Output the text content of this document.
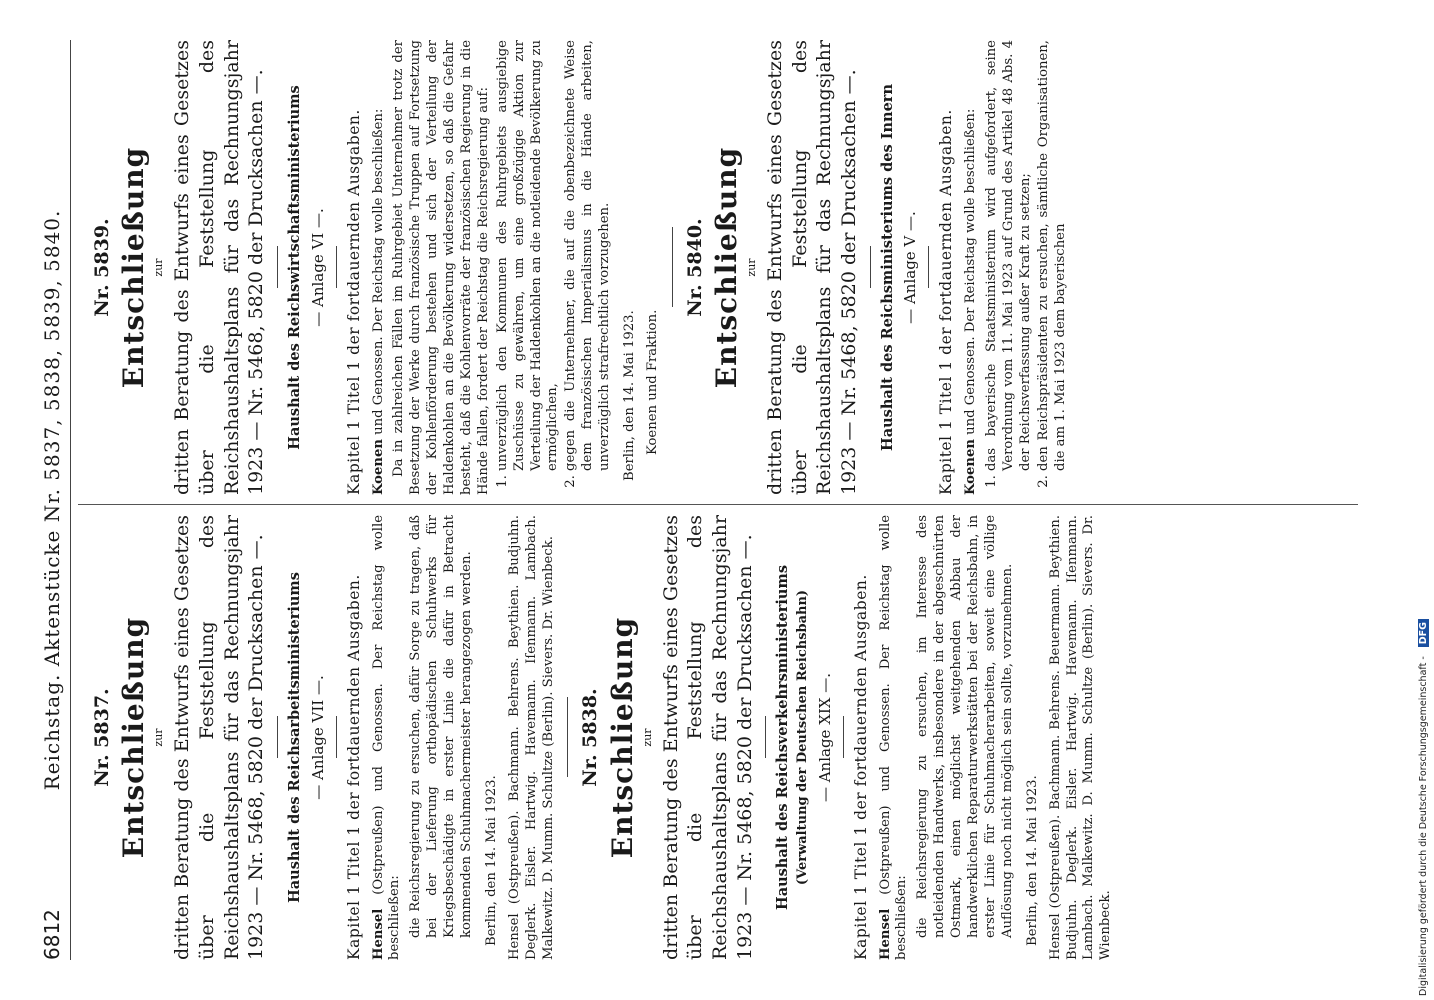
6812
Reichstag. Aktenstücke Nr. 5837, 5838, 5839, 5840. Nr. 5837. Entschließung zur dritten Beratung des Entwurfs eines Gesetzes über die Feststellung des Reichshaushaltsplans für das Rechnungsjahr 1923 — Nr. 5468, 5820 der Drucksachen —. Haushalt des Reichsarbeitsministeriums — Anlage VII —. Kapitel 1 Titel 1 der fortdauernden Ausgaben. Hensel (Ostpreußen) und Genossen. Der Reichstag wolle beschließen: die Reichsregierung zu ersuchen, dafür Sorge zu tragen, daß bei der Lieferung orthopädischen Schuhwerks für Kriegsbeschädigte in erster Linie die dafür in Betracht kommenden Schuhmachermeister herangezogen werden. Berlin, den 14. Mai 1923. Hensel (Ostpreußen). Bachmann. Behrens. Beythien. Budjuhn. Deglerk. Eisler. Hartwig. Havemann. Iſenmann. Lambach. Malkewitz. D. Mumm. Schultze (Berlin). Sievers. Dr. Wienbeck. Nr. 5838. Entschließung zur dritten Beratung des Entwurfs eines Gesetzes über die Feststellung des Reichshaushaltsplans für das Rechnungsjahr 1923 — Nr. 5468, 5820 der Drucksachen —. Haushalt des Reichsverkehrsministeriums (Verwaltung der Deutschen Reichsbahn) — Anlage XIX —. Kapitel 1 Titel 1 der fortdauernden Ausgaben. Hensel (Ostpreußen) und Genossen. Der Reichstag wolle beschließen: die Reichsregierung zu ersuchen, im Interesse des notleidenden Handwerks, insbesondere in der abgeschnürten Ostmark, einen möglichst weitgehenden Abbau der handwerklichen Reparaturwerkstätten bei der Reichsbahn, in erster Linie für Schuhmacherarbeiten, soweit eine völlige Auflösung noch nicht möglich sein sollte, vorzunehmen. Berlin, den 14. Mai 1923. Hensel (Ostpreußen). Bachmann. Behrens. Beuermann. Beythien. Budjuhn. Deglerk. Eisler. Hartwig. Havemann. Iſenmann. Lambach. Malkewitz. D. Mumm. Schultze (Berlin). Sievers. Dr. Wienbeck.
Nr. 5839. Entschließung zur dritten Beratung des Entwurfs eines Gesetzes über die Feststellung des Reichshaushaltsplans für das Rechnungsjahr 1923 — Nr. 5468, 5820 der Drucksachen —. Haushalt des Reichswirtschaftsministeriums — Anlage VI —. Kapitel 1 Titel 1 der fortdauernden Ausgaben. Koenen und Genossen. Der Reichstag wolle beschließen: Da in zahlreichen Fällen im Ruhrgebiet Unternehmer trotz der Besetzung der Werke durch französische Truppen auf Fortsetzung der Kohlenförderung bestehen und sich der Verteilung der Haldenkohlen an die Bevölkerung widersetzen, so daß die Gefahr besteht, daß die Kohlenvorräte der französischen Regierung in die Hände fallen, fordert der Reichstag die Reichsregierung auf: 1. unverzüglich den Kommunen des Ruhrgebiets ausgiebige Zuschüsse zu gewähren, um eine großzügige Aktion zur Verteilung der Haldenkohlen an die notleidende Bevölkerung zu ermöglichen, 2. gegen die Unternehmer, die auf die obenbezeichnete Weise dem französischen Imperialismus in die Hände arbeiten, unverzüglich strafrechtlich vorzugehen. Berlin, den 14. Mai 1923. Koenen und Fraktion.
Nr. 5840. Entschließung zur dritten Beratung des Entwurfs eines Gesetzes über die Feststellung des Reichshaushaltsplans für das Rechnungsjahr 1923 — Nr. 5468, 5820 der Drucksachen —. Haushalt des Reichsministeriums des Innern — Anlage V —. Kapitel 1 Titel 1 der fortdauernden Ausgaben. Koenen und Genossen. Der Reichstag wolle beschließen: 1. das bayerische Staatsministerium wird aufgefordert, seine Verordnung vom 11. Mai 1923 auf Grund des Artikel 48 Abs. 4 der Reichsverfassung außer Kraft zu setzen; 2. den Reichspräsidenten zu ersuchen, sämtliche Organisationen, die am 1. Mai 1923 dem bayerischen
Digitalisierung gefördert durch die Deutsche Forschungsgemeinschaft - DFG
